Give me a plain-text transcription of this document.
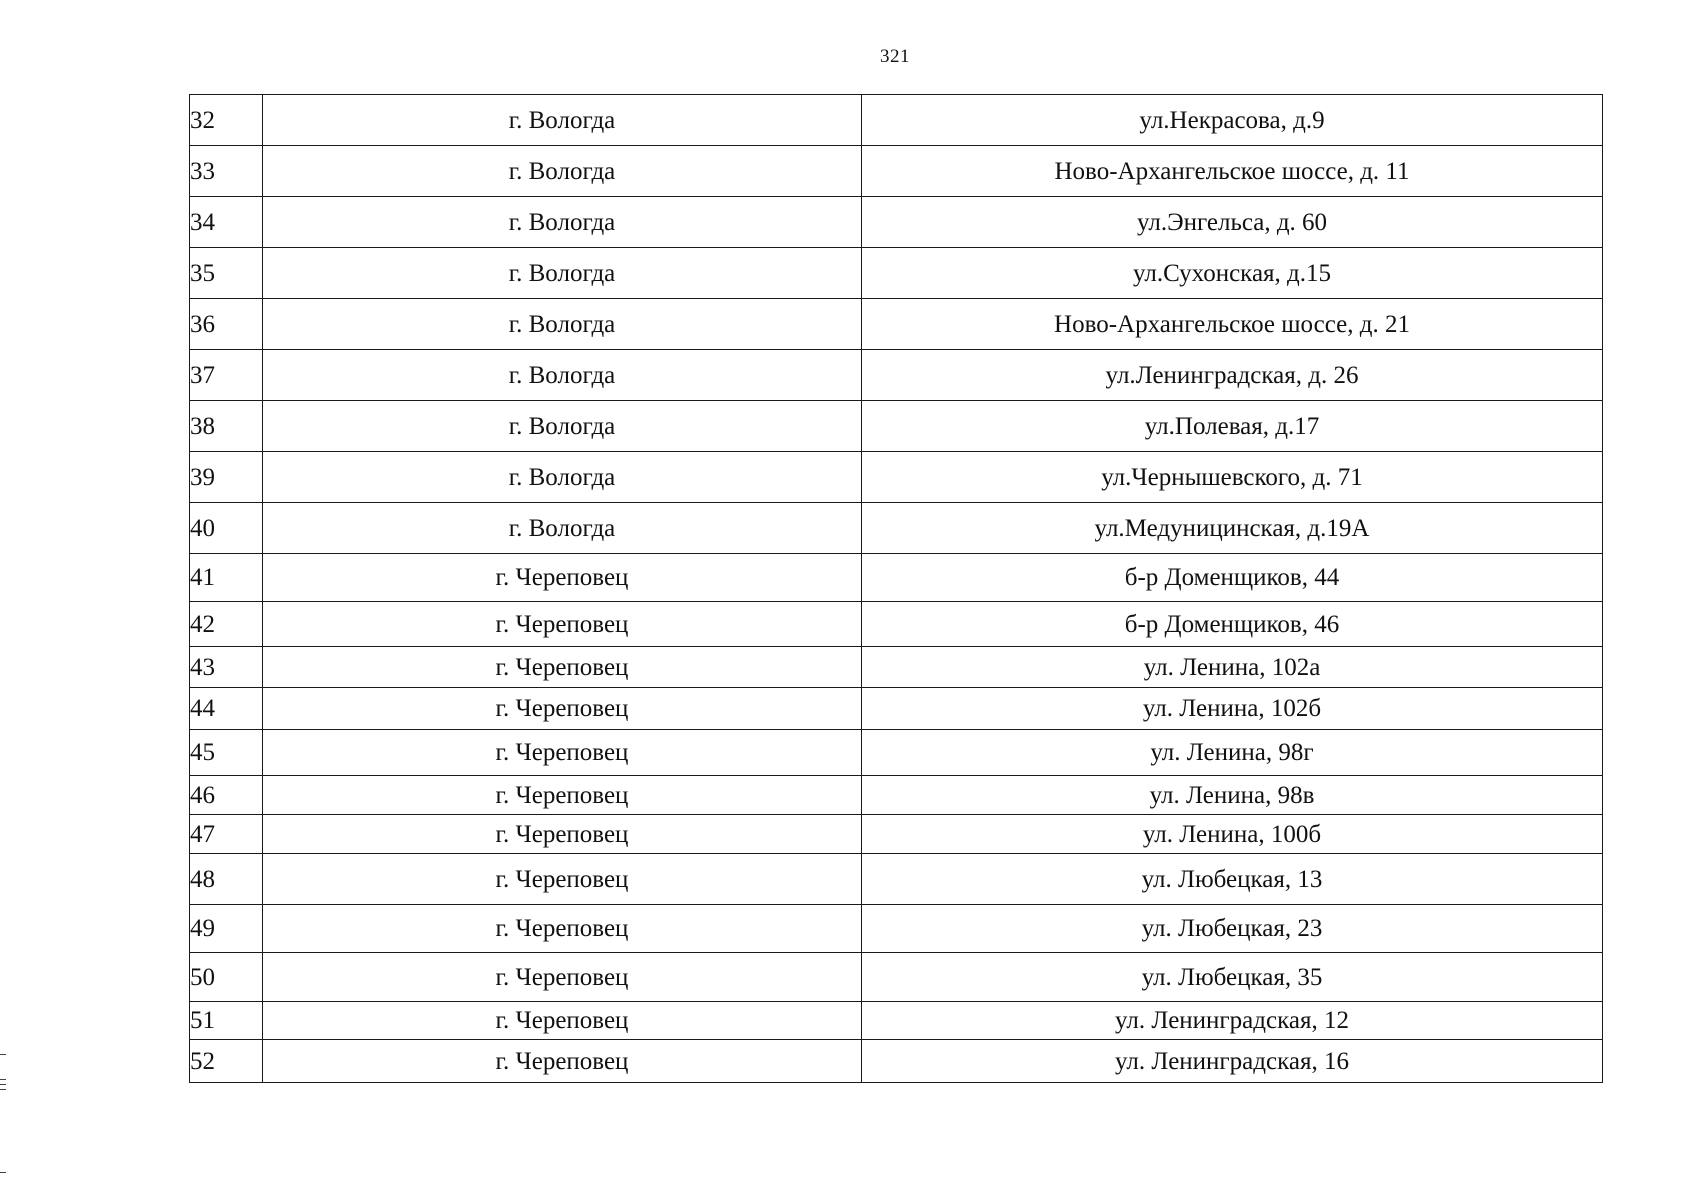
321
32	г. Вологда	ул.Некрасова, д.9
33	г. Вологда	Ново-Архангельское шоссе, д. 11
34	г. Вологда	ул.Энгельса, д. 60
35	г. Вологда	ул.Сухонская, д.15
36	г. Вологда	Ново-Архангельское шоссе, д. 21
37	г. Вологда	ул.Ленинградская, д. 26
38	г. Вологда	ул.Полевая, д.17
39	г. Вологда	ул.Чернышевского, д. 71
40	г. Вологда	ул.Медуницинская, д.19А
41	г. Череповец	б-р Доменщиков, 44
42	г. Череповец	б-р Доменщиков, 46
43	г. Череповец	ул. Ленина, 102а
44	г. Череповец	ул. Ленина, 102б
45	г. Череповец	ул. Ленина, 98г
46	г. Череповец	ул. Ленина, 98в
47	г. Череповец	ул. Ленина, 100б
48	г. Череповец	ул. Любецкая, 13
49	г. Череповец	ул. Любецкая, 23
50	г. Череповец	ул. Любецкая, 35
51	г. Череповец	ул. Ленинградская, 12
52	г. Череповец	ул. Ленинградская, 16
